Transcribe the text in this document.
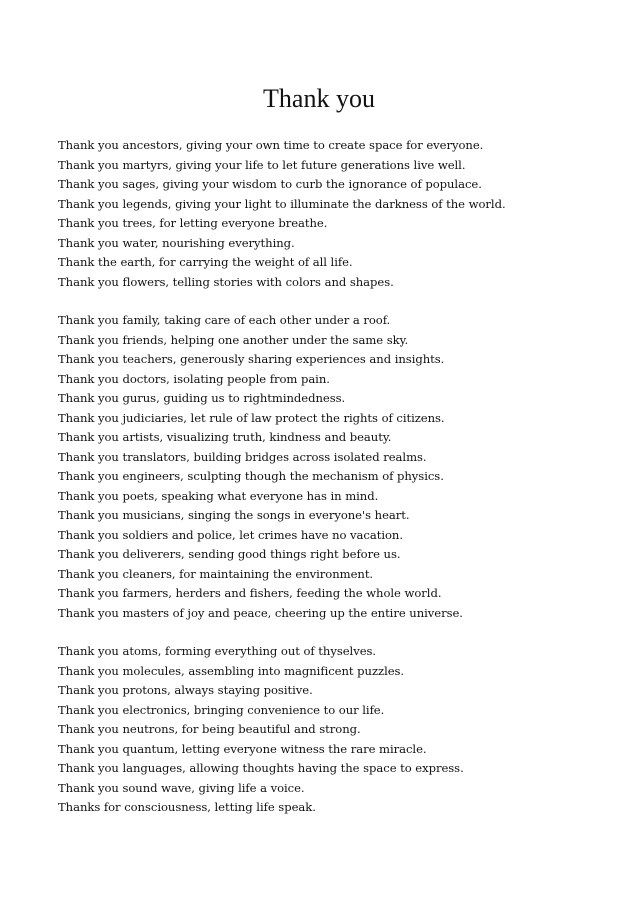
Thank you
Thank you ancestors, giving your own time to create space for everyone.
Thank you martyrs, giving your life to let future generations live well.
Thank you sages, giving your wisdom to curb the ignorance of populace.
Thank you legends, giving your light to illuminate the darkness of the world.
Thank you trees, for letting everyone breathe.
Thank you water, nourishing everything.
Thank the earth, for carrying the weight of all life.
Thank you flowers, telling stories with colors and shapes.
Thank you family, taking care of each other under a roof.
Thank you friends, helping one another under the same sky.
Thank you teachers, generously sharing experiences and insights.
Thank you doctors, isolating people from pain.
Thank you gurus, guiding us to rightmindedness.
Thank you judiciaries, let rule of law protect the rights of citizens.
Thank you artists, visualizing truth, kindness and beauty.
Thank you translators, building bridges across isolated realms.
Thank you engineers, sculpting though the mechanism of physics.
Thank you poets, speaking what everyone has in mind.
Thank you musicians, singing the songs in everyone's heart.
Thank you soldiers and police, let crimes have no vacation.
Thank you deliverers, sending good things right before us.
Thank you cleaners, for maintaining the environment.
Thank you farmers, herders and fishers, feeding the whole world.
Thank you masters of joy and peace, cheering up the entire universe.
Thank you atoms, forming everything out of thyselves.
Thank you molecules, assembling into magnificent puzzles.
Thank you protons, always staying positive.
Thank you electronics, bringing convenience to our life.
Thank you neutrons, for being beautiful and strong.
Thank you quantum, letting everyone witness the rare miracle.
Thank you languages, allowing thoughts having the space to express.
Thank you sound wave, giving life a voice.
Thanks for consciousness, letting life speak.
